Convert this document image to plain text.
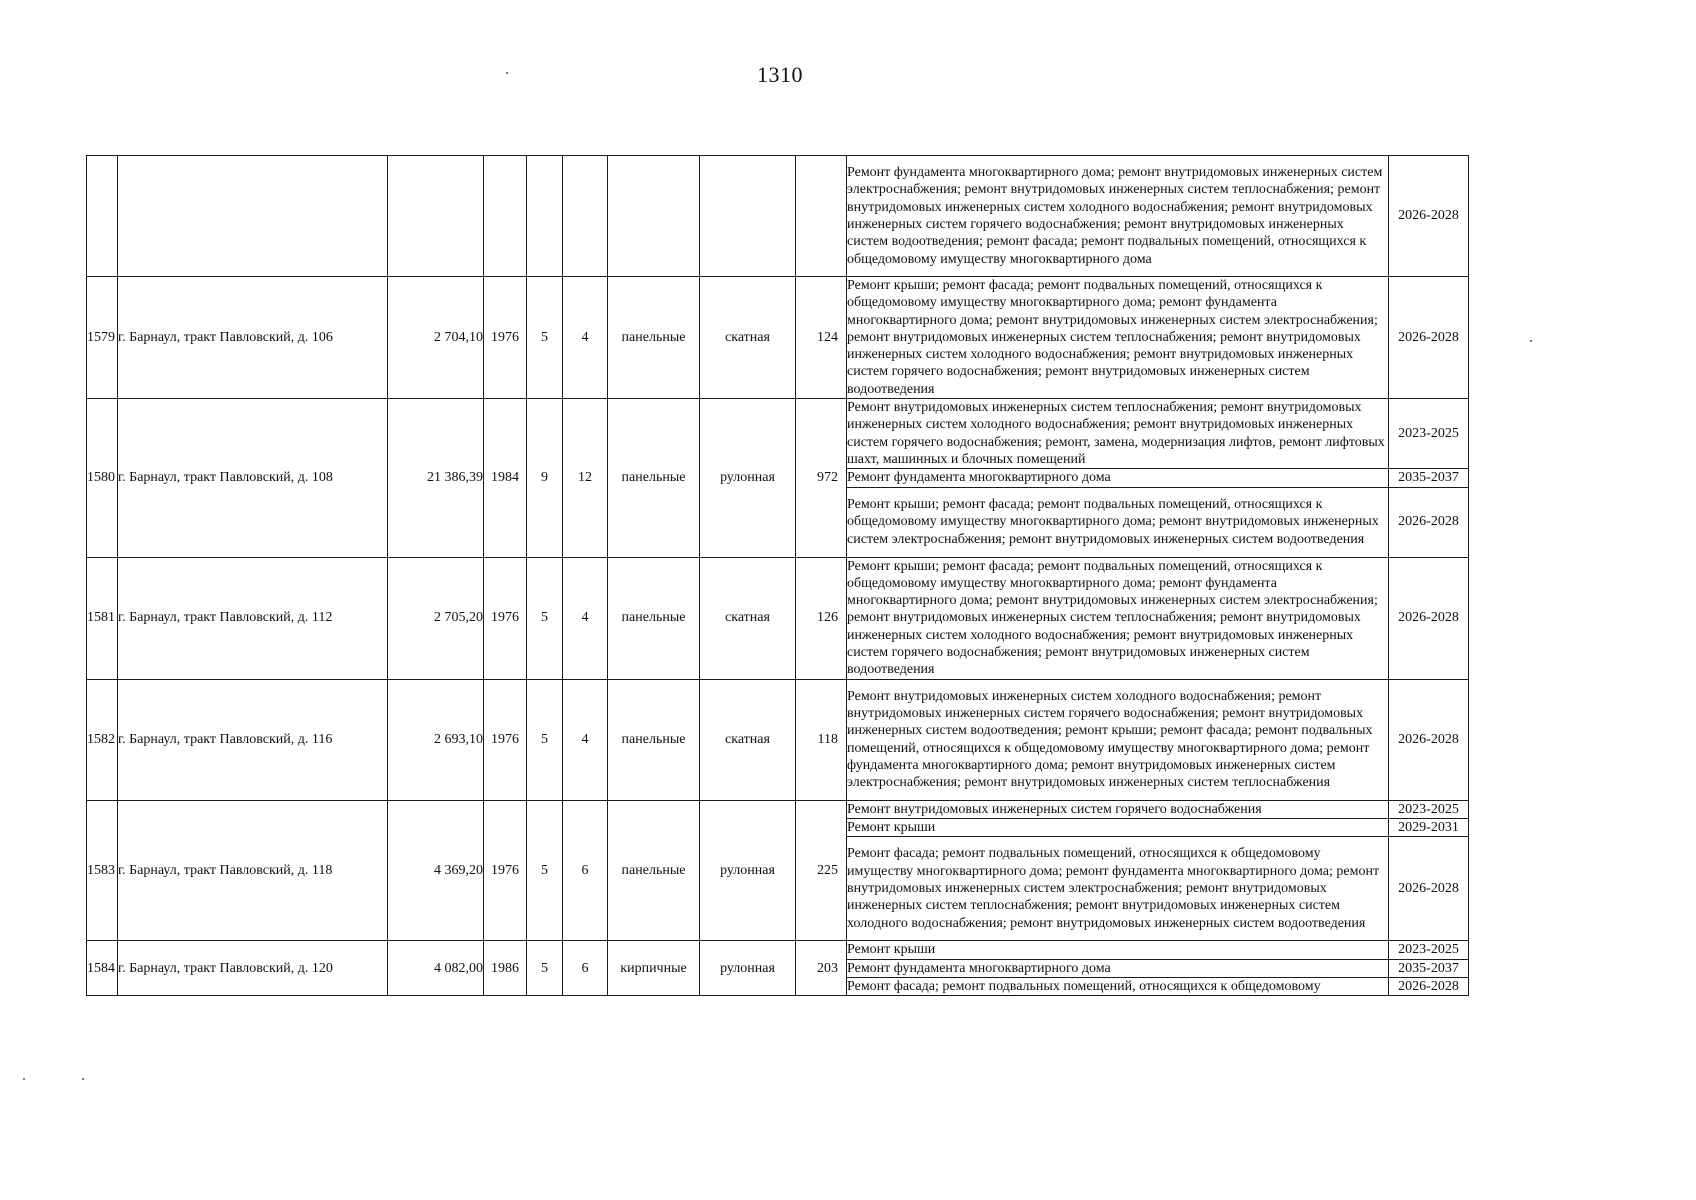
1310
									Ремонт фундамента многоквартирного дома; ремонт внутридомовых инженерных систем электроснабжения; ремонт внутридомовых инженерных систем теплоснабжения; ремонт внутридомовых инженерных систем холодного водоснабжения; ремонт внутридомовых инженерных систем горячего водоснабжения; ремонт внутридомовых инженерных систем водоотведения; ремонт фасада; ремонт подвальных помещений, относящихся к общедомовому имуществу многоквартирного дома	2026-2028
1579	г. Барнаул, тракт Павловский, д. 106	2 704,10	1976	5	4	панельные	скатная	124	Ремонт крыши; ремонт фасада; ремонт подвальных помещений, относящихся к общедомовому имуществу многоквартирного дома; ремонт фундамента многоквартирного дома; ремонт внутридомовых инженерных систем электроснабжения; ремонт внутридомовых инженерных систем теплоснабжения; ремонт внутридомовых инженерных систем холодного водоснабжения; ремонт внутридомовых инженерных систем горячего водоснабжения; ремонт внутридомовых инженерных систем водоотведения	2026-2028
1580	г. Барнаул, тракт Павловский, д. 108	21 386,39	1984	9	12	панельные	рулонная	972	Ремонт внутридомовых инженерных систем теплоснабжения; ремонт внутридомовых инженерных систем холодного водоснабжения; ремонт внутридомовых инженерных систем горячего водоснабжения; ремонт, замена, модернизация лифтов, ремонт лифтовых шахт, машинных и блочных помещений	2023-2025
									Ремонт фундамента многоквартирного дома	2035-2037
									Ремонт крыши; ремонт фасада; ремонт подвальных помещений, относящихся к общедомовому имуществу многоквартирного дома; ремонт внутридомовых инженерных систем электроснабжения; ремонт внутридомовых инженерных систем водоотведения	2026-2028
1581	г. Барнаул, тракт Павловский, д. 112	2 705,20	1976	5	4	панельные	скатная	126	Ремонт крыши; ремонт фасада; ремонт подвальных помещений, относящихся к общедомовому имуществу многоквартирного дома; ремонт фундамента многоквартирного дома; ремонт внутридомовых инженерных систем электроснабжения; ремонт внутридомовых инженерных систем теплоснабжения; ремонт внутридомовых инженерных систем холодного водоснабжения; ремонт внутридомовых инженерных систем горячего водоснабжения; ремонт внутридомовых инженерных систем водоотведения	2026-2028
1582	г. Барнаул, тракт Павловский, д. 116	2 693,10	1976	5	4	панельные	скатная	118	Ремонт внутридомовых инженерных систем холодного водоснабжения; ремонт внутридомовых инженерных систем горячего водоснабжения; ремонт внутридомовых инженерных систем водоотведения; ремонт крыши; ремонт фасада; ремонт подвальных помещений, относящихся к общедомовому имуществу многоквартирного дома; ремонт фундамента многоквартирного дома; ремонт внутридомовых инженерных систем электроснабжения; ремонт внутридомовых инженерных систем теплоснабжения	2026-2028
1583	г. Барнаул, тракт Павловский, д. 118	4 369,20	1976	5	6	панельные	рулонная	225	Ремонт внутридомовых инженерных систем горячего водоснабжения	2023-2025
									Ремонт крыши	2029-2031
									Ремонт фасада; ремонт подвальных помещений, относящихся к общедомовому имуществу многоквартирного дома; ремонт фундамента многоквартирного дома; ремонт внутридомовых инженерных систем электроснабжения; ремонт внутридомовых инженерных систем теплоснабжения; ремонт внутридомовых инженерных систем холодного водоснабжения; ремонт внутридомовых инженерных систем водоотведения	2026-2028
1584	г. Барнаул, тракт Павловский, д. 120	4 082,00	1986	5	6	кирпичные	рулонная	203	Ремонт крыши	2023-2025
									Ремонт фундамента многоквартирного дома	2035-2037
									Ремонт фасада; ремонт подвальных помещений, относящихся к общедомовому	2026-2028
